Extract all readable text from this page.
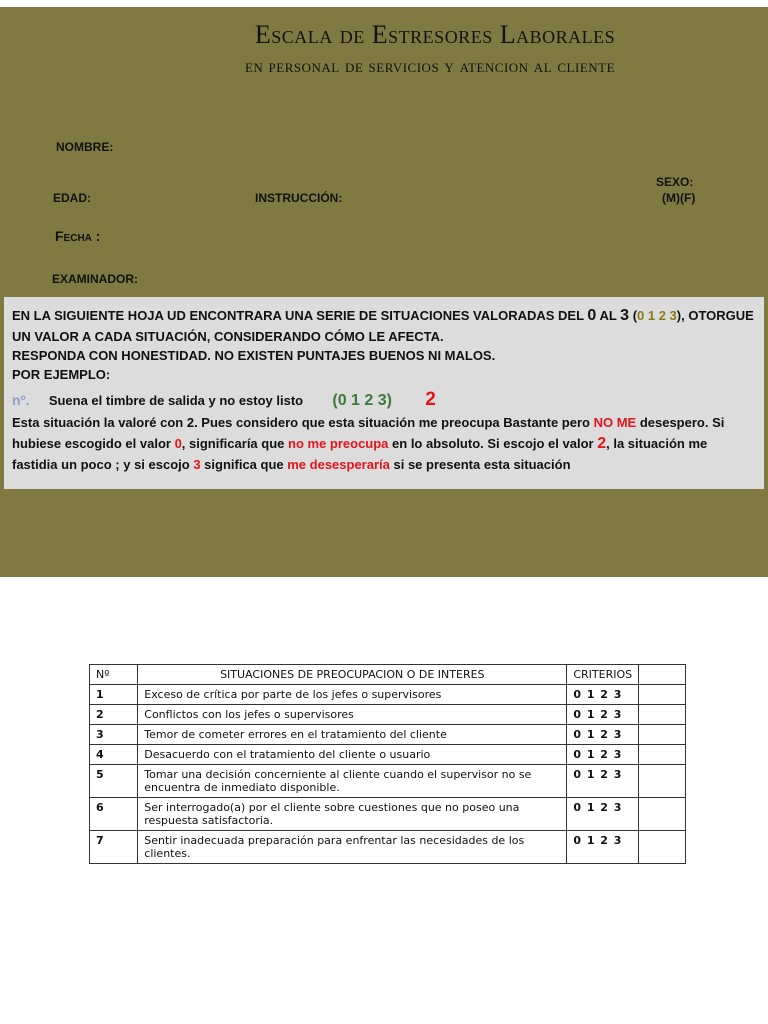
Escala de Estresores Laborales
en personal de servicios y atencion al cliente
NOMBRE:
SEXO:
(M)(F)
EDAD:	INSTRUCCIÓN:
Fecha :
EXAMINADOR:
EN LA SIGUIENTE HOJA UD ENCONTRARA UNA SERIE DE SITUACIONES VALORADAS DEL 0 AL 3 (0 1 2 3), OTORGUE
UN VALOR A CADA SITUACIÓN, CONSIDERANDO CÓMO LE AFECTA.
RESPONDA CON HONESTIDAD. NO EXISTEN PUNTAJES BUENOS NI MALOS.
POR EJEMPLO:
nº. Suena el timbre de salida y no estoy listo (0 1 2 3) 2
Esta situación la valoré con 2. Pues considero que esta situación me preocupa Bastante pero NO ME desespero. Si hubiese escogido el valor 0, significaría que no me preocupa en lo absoluto. Si escojo el valor 2, la situación me fastidia un poco ; y si escojo 3 significa que me desesperaría si se presenta esta situación
Nº	SITUACIONES DE PREOCUPACION O DE INTERES	CRITERIOS	
1	Exceso de crítica por parte de los jefes o supervisores	0 1 2 3	
2	Conflictos con los jefes o supervisores	0 1 2 3	
3	Temor de cometer errores en el tratamiento del cliente	0 1 2 3	
4	Desacuerdo con el tratamiento del cliente o usuario	0 1 2 3	
5	Tomar una decisión concerniente al cliente cuando el supervisor no se encuentra de inmediato disponible.	0 1 2 3	
6	Ser interrogado(a) por el cliente sobre cuestiones que no poseo una respuesta satisfactoria.	0 1 2 3	
7	Sentir inadecuada preparación para enfrentar las necesidades de los clientes.	0 1 2 3	
